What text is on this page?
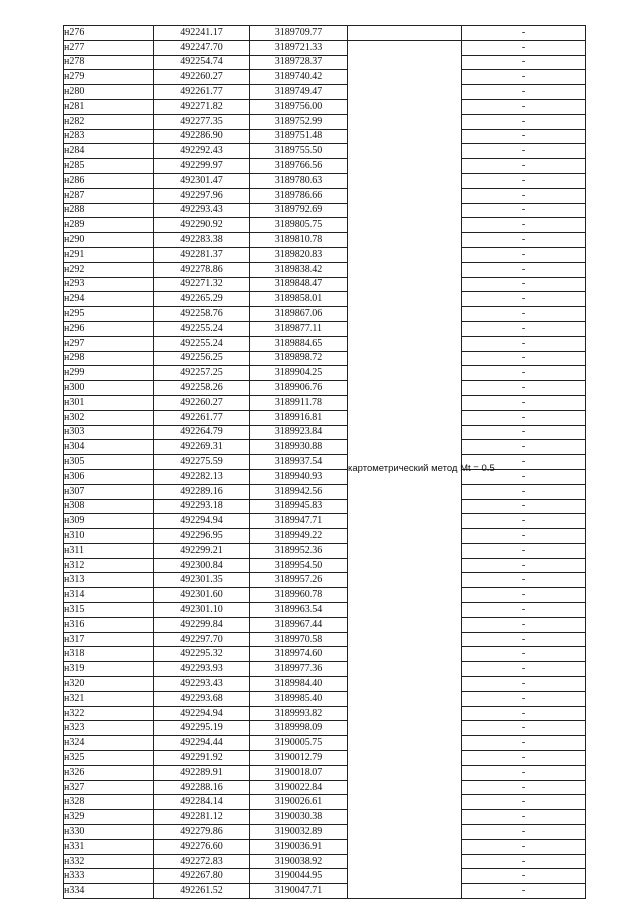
н276	492241.17	3189709.77		-
н277	492247.70	3189721.33	картометрический метод Mt = 0.5	-
н278	492254.74	3189728.37		-
н279	492260.27	3189740.42		-
н280	492261.77	3189749.47		-
н281	492271.82	3189756.00		-
н282	492277.35	3189752.99		-
н283	492286.90	3189751.48		-
н284	492292.43	3189755.50		-
н285	492299.97	3189766.56		-
н286	492301.47	3189780.63		-
н287	492297.96	3189786.66		-
н288	492293.43	3189792.69		-
н289	492290.92	3189805.75		-
н290	492283.38	3189810.78		-
н291	492281.37	3189820.83		-
н292	492278.86	3189838.42		-
н293	492271.32	3189848.47		-
н294	492265.29	3189858.01		-
н295	492258.76	3189867.06		-
н296	492255.24	3189877.11		-
н297	492255.24	3189884.65		-
н298	492256.25	3189898.72		-
н299	492257.25	3189904.25		-
н300	492258.26	3189906.76		-
н301	492260.27	3189911.78		-
н302	492261.77	3189916.81		-
н303	492264.79	3189923.84		-
н304	492269.31	3189930.88		-
н305	492275.59	3189937.54		-
н306	492282.13	3189940.93		-
н307	492289.16	3189942.56		-
н308	492293.18	3189945.83		-
н309	492294.94	3189947.71		-
н310	492296.95	3189949.22		-
н311	492299.21	3189952.36		-
н312	492300.84	3189954.50		-
н313	492301.35	3189957.26		-
н314	492301.60	3189960.78		-
н315	492301.10	3189963.54		-
н316	492299.84	3189967.44		-
н317	492297.70	3189970.58		-
н318	492295.32	3189974.60		-
н319	492293.93	3189977.36		-
н320	492293.43	3189984.40		-
н321	492293.68	3189985.40		-
н322	492294.94	3189993.82		-
н323	492295.19	3189998.09		-
н324	492294.44	3190005.75		-
н325	492291.92	3190012.79		-
н326	492289.91	3190018.07		-
н327	492288.16	3190022.84		-
н328	492284.14	3190026.61		-
н329	492281.12	3190030.38		-
н330	492279.86	3190032.89		-
н331	492276.60	3190036.91		-
н332	492272.83	3190038.92		-
н333	492267.80	3190044.95		-
н334	492261.52	3190047.71		-
